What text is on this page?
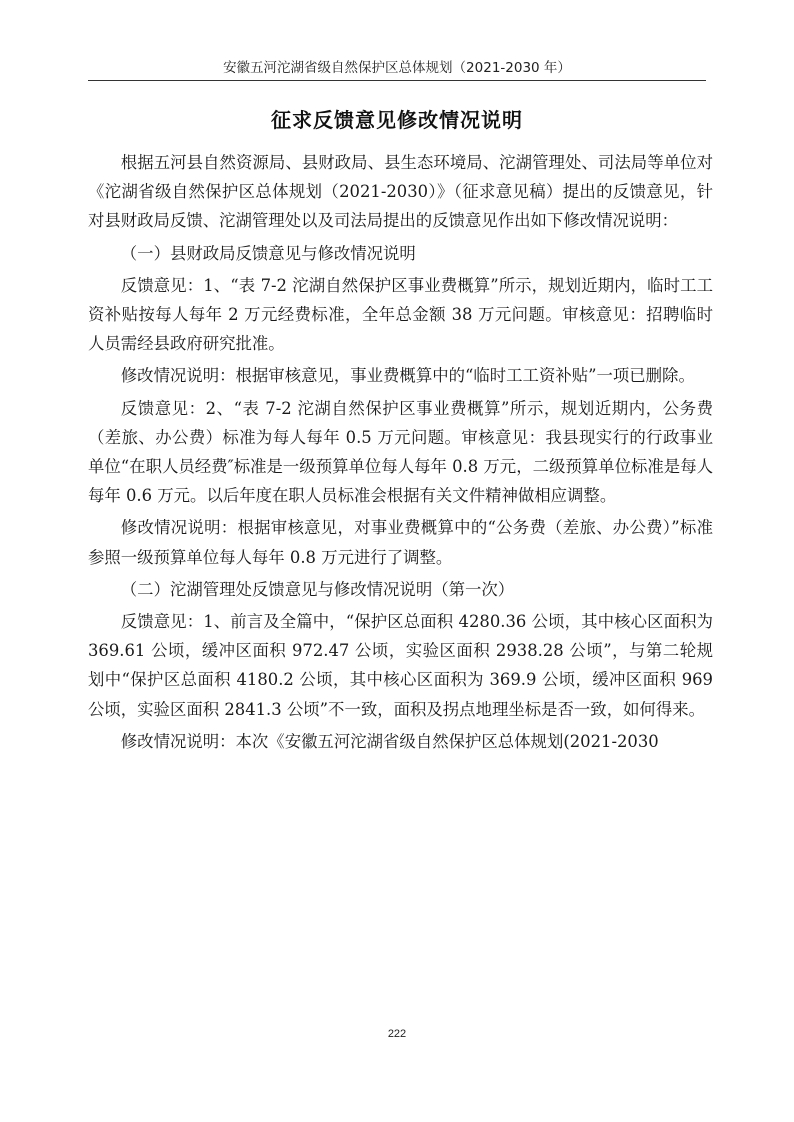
安徽五河沱湖省级自然保护区总体规划（2021-2030 年）
征求反馈意见修改情况说明

根据五河县自然资源局、县财政局、县生态环境局、沱湖管理处、司法局等单位对《沱湖省级自然保护区总体规划（2021-2030）》（征求意见稿）提出的反馈意见，针对县财政局反馈、沱湖管理处以及司法局提出的反馈意见作出如下修改情况说明：

（一）县财政局反馈意见与修改情况说明

反馈意见：1、“表 7-2 沱湖自然保护区事业费概算”所示，规划近期内，临时工工资补贴按每人每年 2 万元经费标准，全年总金额 38 万元问题。审核意见：招聘临时人员需经县政府研究批准。

修改情况说明：根据审核意见，事业费概算中的“临时工工资补贴”一项已删除。

反馈意见：2、“表 7-2 沱湖自然保护区事业费概算”所示，规划近期内，公务费（差旅、办公费）标准为每人每年 0.5 万元问题。审核意见：我县现实行的行政事业单位“在职人员经费″标准是一级预算单位每人每年 0.8 万元，二级预算单位标准是每人每年 0.6 万元。以后年度在职人员标准会根据有关文件精神做相应调整。

修改情况说明：根据审核意见，对事业费概算中的“公务费（差旅、办公费）”标准参照一级预算单位每人每年 0.8 万元进行了调整。

（二）沱湖管理处反馈意见与修改情况说明（第一次）

反馈意见：1、前言及全篇中，“保护区总面积 4280.36 公顷，其中核心区面积为 369.61 公顷，缓冲区面积 972.47 公顷，实验区面积 2938.28 公顷”，与第二轮规划中“保护区总面积 4180.2 公顷，其中核心区面积为 369.9 公顷，缓冲区面积 969 公顷，实验区面积 2841.3 公顷”不一致，面积及拐点地理坐标是否一致，如何得来。

修改情况说明：本次《安徽五河沱湖省级自然保护区总体规划(2021-2030

222
